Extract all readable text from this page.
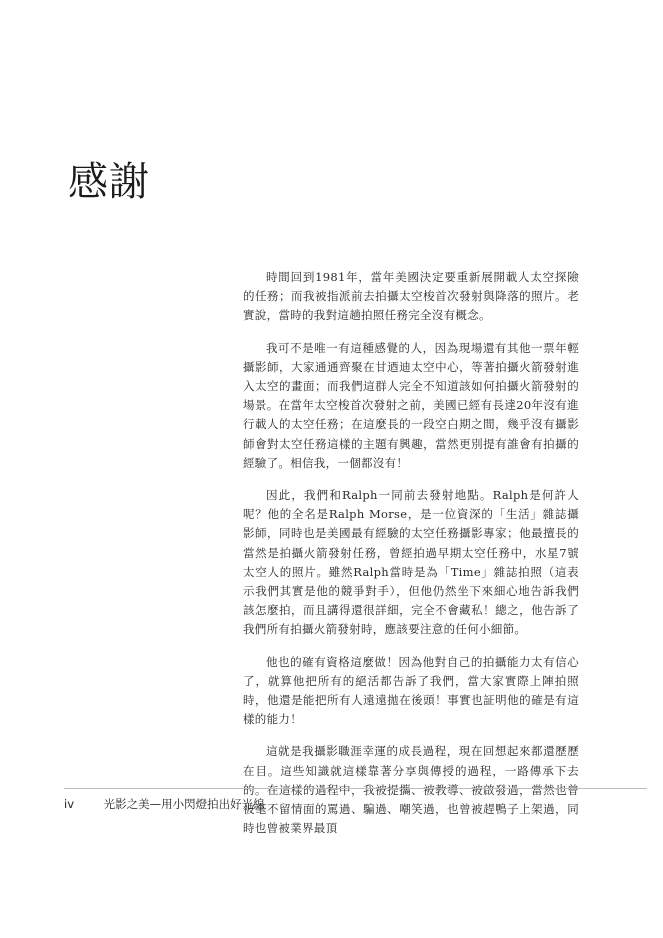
感謝

時間回到1981年，當年美國決定要重新展開載人太空探險的任務；而我被指派前去拍攝太空梭首次發射與降落的照片。老實說，當時的我對這趟拍照任務完全沒有概念。

我可不是唯一有這種感覺的人，因為現場還有其他一票年輕攝影師，大家通通齊聚在甘迺迪太空中心，等著拍攝火箭發射進入太空的畫面；而我們這群人完全不知道該如何拍攝火箭發射的場景。在當年太空梭首次發射之前，美國已經有長達20年沒有進行載人的太空任務；在這麼長的一段空白期之間，幾乎沒有攝影師會對太空任務這樣的主題有興趣，當然更別提有誰會有拍攝的經驗了。相信我，一個都沒有！

因此，我們和Ralph一同前去發射地點。Ralph是何許人呢？他的全名是Ralph Morse，是一位資深的「生活」雜誌攝影師，同時也是美國最有經驗的太空任務攝影專家；他最擅長的當然是拍攝火箭發射任務，曾經拍過早期太空任務中，水星7號太空人的照片。雖然Ralph當時是為「Time」雜誌拍照（這表示我們其實是他的競爭對手），但他仍然坐下來細心地告訴我們該怎麼拍，而且講得還很詳細，完全不會藏私！總之，他告訴了我們所有拍攝火箭發射時，應該要注意的任何小細節。

他也的確有資格這麼做！因為他對自己的拍攝能力太有信心了，就算他把所有的絕活都告訴了我們，當大家實際上陣拍照時，他還是能把所有人遠遠拋在後頭！事實也証明他的確是有這樣的能力！

這就是我攝影職涯幸運的成長過程，現在回想起來都還歷歷在目。這些知識就這樣靠著分享與傳授的過程，一路傳承下去的。在這樣的過程中，我被提攜、被教導、被啟發過，當然也曾被毫不留情面的罵過、騙過、嘲笑過，也曾被趕鴨子上架過，同時也曾被業界最頂

iv	光影之美—用小閃燈拍出好光線
